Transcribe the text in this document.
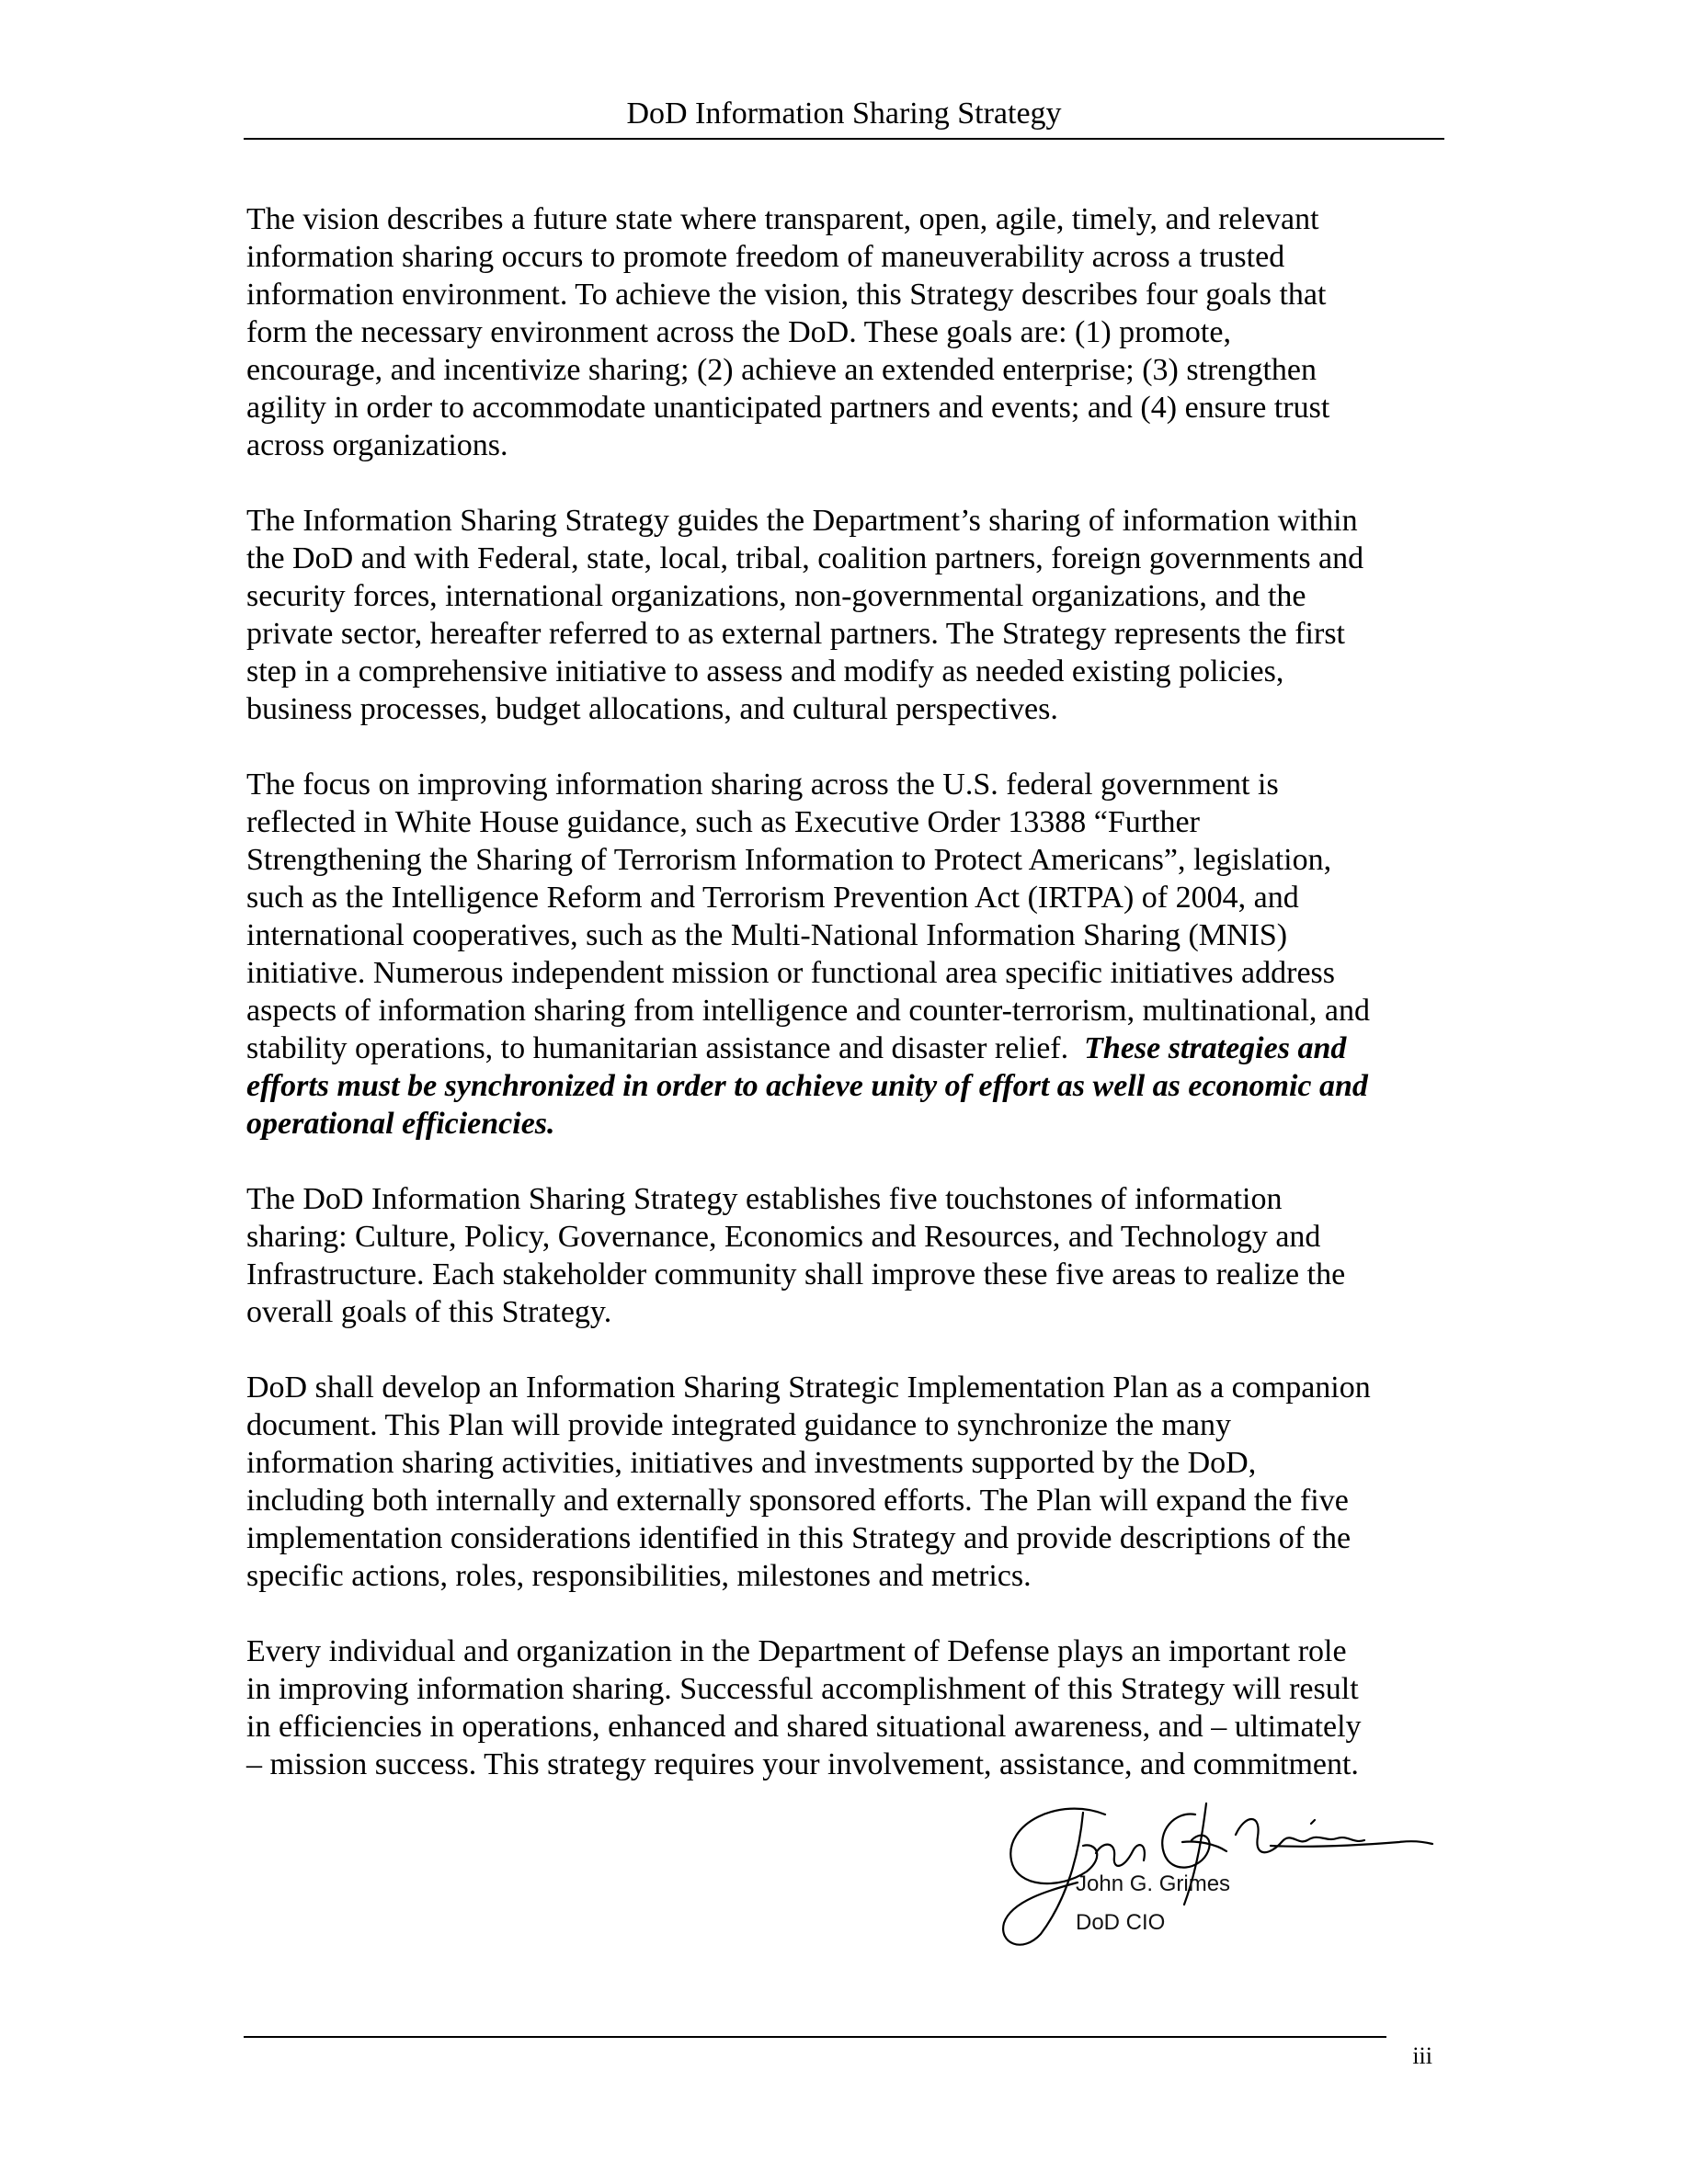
DoD Information Sharing Strategy
The vision describes a future state where transparent, open, agile, timely, and relevant
information sharing occurs to promote freedom of maneuverability across a trusted
information environment. To achieve the vision, this Strategy describes four goals that
form the necessary environment across the DoD. These goals are: (1) promote,
encourage, and incentivize sharing; (2) achieve an extended enterprise; (3) strengthen
agility in order to accommodate unanticipated partners and events; and (4) ensure trust
across organizations.
The Information Sharing Strategy guides the Department’s sharing of information within
the DoD and with Federal, state, local, tribal, coalition partners, foreign governments and
security forces, international organizations, non-governmental organizations, and the
private sector, hereafter referred to as external partners. The Strategy represents the first
step in a comprehensive initiative to assess and modify as needed existing policies,
business processes, budget allocations, and cultural perspectives.
The focus on improving information sharing across the U.S. federal government is
reflected in White House guidance, such as Executive Order 13388 “Further
Strengthening the Sharing of Terrorism Information to Protect Americans”, legislation,
such as the Intelligence Reform and Terrorism Prevention Act (IRTPA) of 2004, and
international cooperatives, such as the Multi-National Information Sharing (MNIS)
initiative. Numerous independent mission or functional area specific initiatives address
aspects of information sharing from intelligence and counter-terrorism, multinational, and
stability operations, to humanitarian assistance and disaster relief.  These strategies and
efforts must be synchronized in order to achieve unity of effort as well as economic and
operational efficiencies.
The DoD Information Sharing Strategy establishes five touchstones of information
sharing: Culture, Policy, Governance, Economics and Resources, and Technology and
Infrastructure. Each stakeholder community shall improve these five areas to realize the
overall goals of this Strategy.
DoD shall develop an Information Sharing Strategic Implementation Plan as a companion
document. This Plan will provide integrated guidance to synchronize the many
information sharing activities, initiatives and investments supported by the DoD,
including both internally and externally sponsored efforts. The Plan will expand the five
implementation considerations identified in this Strategy and provide descriptions of the
specific actions, roles, responsibilities, milestones and metrics.
Every individual and organization in the Department of Defense plays an important role
in improving information sharing. Successful accomplishment of this Strategy will result
in efficiencies in operations, enhanced and shared situational awareness, and – ultimately
– mission success. This strategy requires your involvement, assistance, and commitment.
John G. Grimes
DoD CIO
iii
